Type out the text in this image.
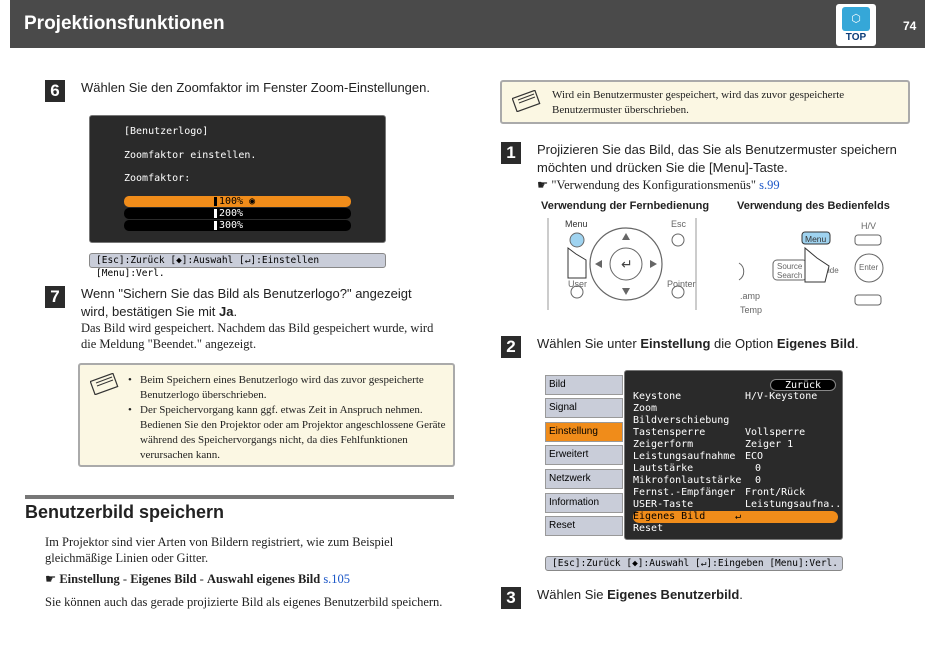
Projektionsfunktionen	⬡
TOP
74
6	Wählen Sie den Zoomfaktor im Fenster Zoom-Einstellungen.
[Benutzerlogo]
Zoomfaktor einstellen.
Zoomfaktor:
100% ◉
200%
300%
[Esc]:Zurück [◆]:Auswahl [↵]:Einstellen [Menu]:Verl.
7	Wenn "Sichern Sie das Bild als Benutzerlogo?" angezeigt wird, bestätigen Sie mit Ja.
Das Bild wird gespeichert. Nachdem das Bild gespeichert wurde, wird die Meldung "Beendet." angezeigt.
• Beim Speichern eines Benutzerlogo wird das zuvor gespeicherte Benutzerlogo überschrieben.
• Der Speichervorgang kann ggf. etwas Zeit in Anspruch nehmen. Bedienen Sie den Projektor oder am Projektor angeschlossene Geräte während des Speichervorgangs nicht, da dies Fehlfunktionen verursachen kann.
Benutzerbild speichern
Im Projektor sind vier Arten von Bildern registriert, wie zum Beispiel gleichmäßige Linien oder Gitter.
☛ Einstellung - Eigenes Bild - Auswahl eigenes Bild s.105
Sie können auch das gerade projizierte Bild als eigenes Benutzerbild speichern.
Wird ein Benutzermuster gespeichert, wird das zuvor gespeicherte Benutzermuster überschrieben.
1	Projizieren Sie das Bild, das Sie als Benutzermuster speichern möchten und drücken Sie die [Menu]-Taste.
☛ "Verwendung des Konfigurationsmenüs" s.99
Verwendung der Fernbedienung	Verwendung des Bedienfelds
↵
Menu	Esc
User	Pointer
Menu
H/V
Source
Search
ide	Enter
.amp
Temp
2	Wählen Sie unter Einstellung die Option Eigenes Bild.
Bild
Signal
Einstellung
Erweitert
Netzwerk
Information
Reset
Zurück
Keystone	H/V-Keystone
Zoom
Bildverschiebung
Tastensperre	Vollsperre
Zeigerform	Zeiger 1
Leistungsaufnahme ECO
Lautstärke	0
Mikrofonlautstärke 0
Fernst.-Empfänger Front/Rück
USER-Taste	Leistungsaufna...
Eigenes Bild	↵
Reset
[Esc]:Zurück [◆]:Auswahl [↵]:Eingeben [Menu]:Verl.
3	Wählen Sie Eigenes Benutzerbild.
